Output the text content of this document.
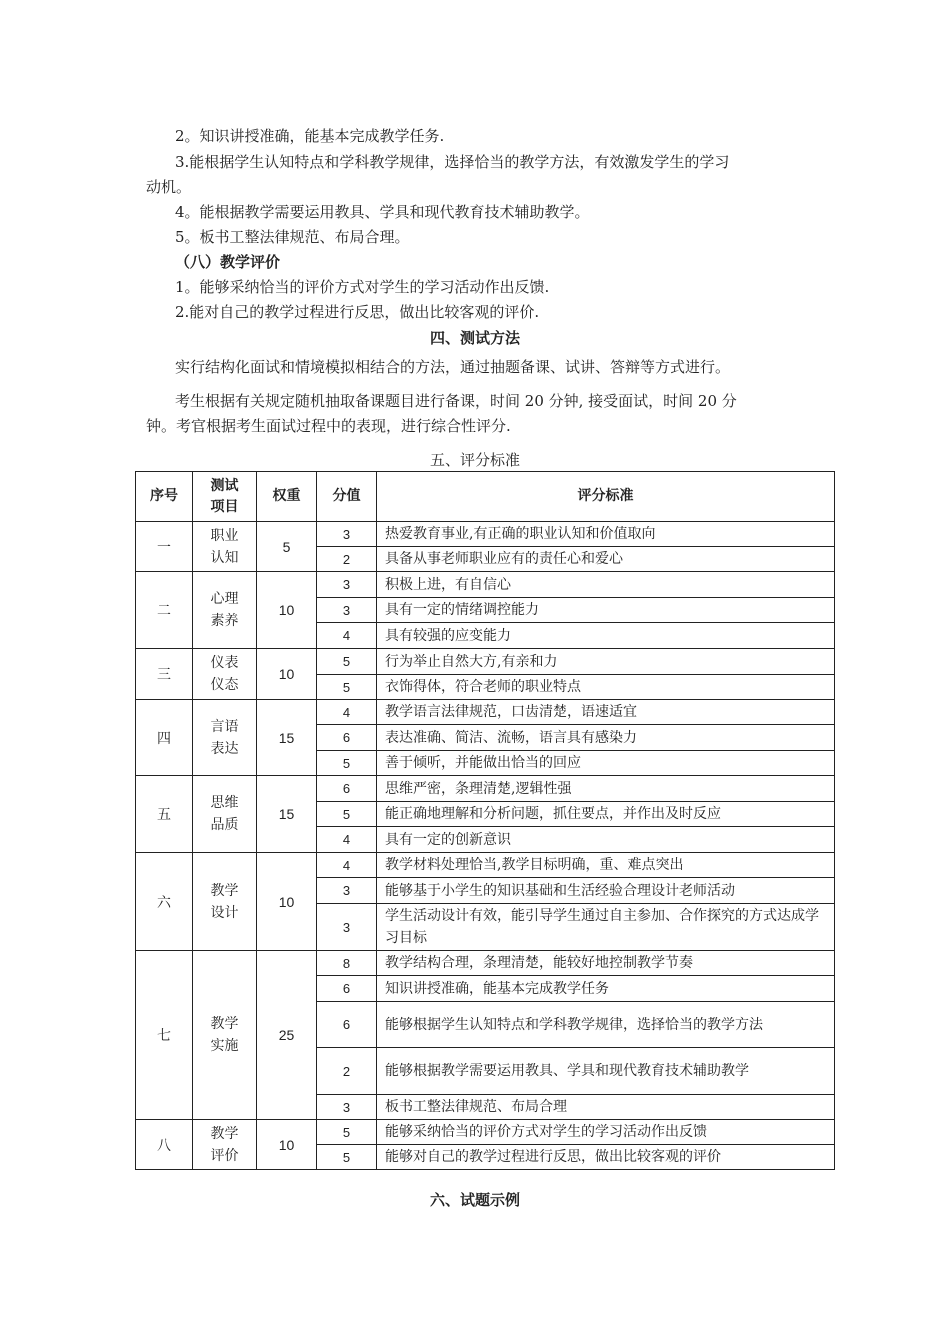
2。知识讲授准确，能基本完成教学任务.
3.能根据学生认知特点和学科教学规律，选择恰当的教学方法，有效激发学生的学习
动机。
4。能根据教学需要运用教具、学具和现代教育技术辅助教学。
5。板书工整法律规范、布局合理。
（八）教学评价
1。能够采纳恰当的评价方式对学生的学习活动作出反馈.
2.能对自己的教学过程进行反思，做出比较客观的评价.
四、测试方法
实行结构化面试和情境模拟相结合的方法，通过抽题备课、试讲、答辩等方式进行。
考生根据有关规定随机抽取备课题目进行备课，时间 20 分钟, 接受面试，时间 20 分
钟。考官根据考生面试过程中的表现，进行综合性评分.
五、评分标准
序号	测试项目	权重	分值	评分标准
一	职业
认知	5	3	热爱教育事业,有正确的职业认知和价值取向
			2	具备从事老师职业应有的责任心和爱心
二	心理
素养	10	3	积极上进，有自信心
			3	具有一定的情绪调控能力
			4	具有较强的应变能力
三	仪表
仪态	10	5	行为举止自然大方,有亲和力
			5	衣饰得体，符合老师的职业特点
四	言语
表达	15	4	教学语言法律规范，口齿清楚，语速适宜
			6	表达准确、简洁、流畅，语言具有感染力
			5	善于倾听，并能做出恰当的回应
五	思维
品质	15	6	思维严密，条理清楚,逻辑性强
			5	能正确地理解和分析问题，抓住要点，并作出及时反应
			4	具有一定的创新意识
六	教学
设计	10	4	教学材料处理恰当,教学目标明确，重、难点突出
			3	能够基于小学生的知识基础和生活经验合理设计老师活动
			3	学生活动设计有效，能引导学生通过自主参加、合作探究的方式达成学习目标
七	教学
实施	25	8	教学结构合理，条理清楚，能较好地控制教学节奏
			6	知识讲授准确，能基本完成教学任务
			6	能够根据学生认知特点和学科教学规律，选择恰当的教学方法
			2	能够根据教学需要运用教具、学具和现代教育技术辅助教学
			3	板书工整法律规范、布局合理
八	教学
评价	10	5	能够采纳恰当的评价方式对学生的学习活动作出反馈
			5	能够对自己的教学过程进行反思，做出比较客观的评价
六、试题示例
